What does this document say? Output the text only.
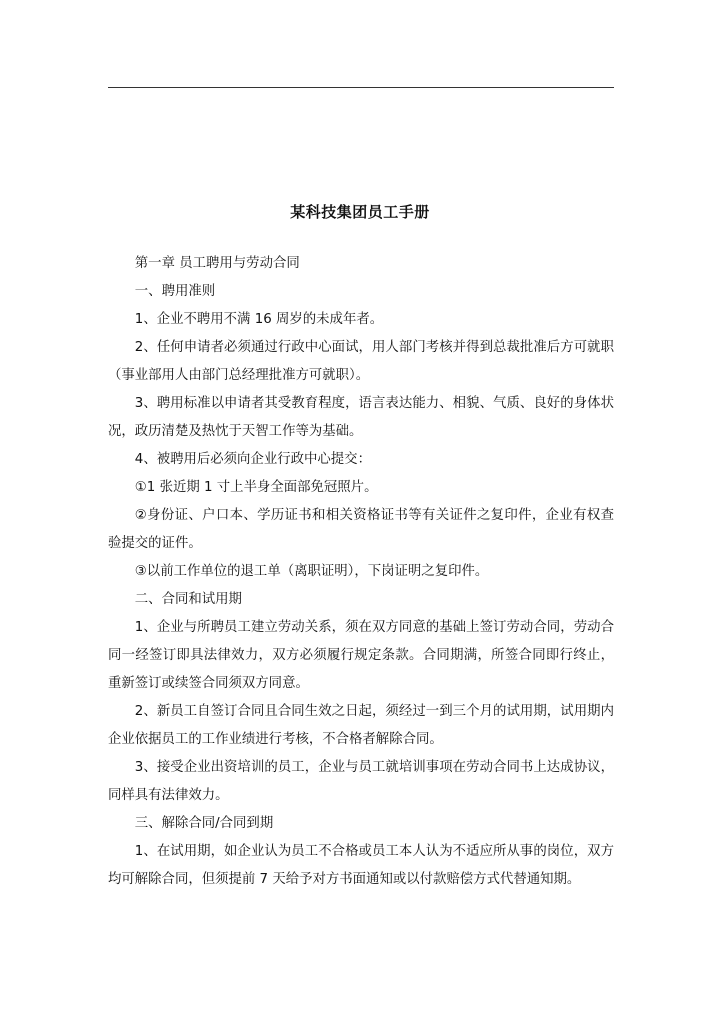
某科技集团员工手册

第一章 员工聘用与劳动合同

一、聘用准则

1、企业不聘用不满 16 周岁的未成年者。

2、任何申请者必须通过行政中心面试，用人部门考核并得到总裁批准后方可就职（事业部用人由部门总经理批准方可就职）。

3、聘用标准以申请者其受教育程度，语言表达能力、相貌、气质、良好的身体状况，政历清楚及热忱于天智工作等为基础。

4、被聘用后必须向企业行政中心提交：

①1 张近期 1 寸上半身全面部免冠照片。

②身份证、户口本、学历证书和相关资格证书等有关证件之复印件，企业有权查验提交的证件。

③以前工作单位的退工单（离职证明），下岗证明之复印件。

二、合同和试用期

1、企业与所聘员工建立劳动关系，须在双方同意的基础上签订劳动合同，劳动合同一经签订即具法律效力，双方必须履行规定条款。合同期满，所签合同即行终止，重新签订或续签合同须双方同意。

2、新员工自签订合同且合同生效之日起，须经过一到三个月的试用期，试用期内企业依据员工的工作业绩进行考核，不合格者解除合同。

3、接受企业出资培训的员工，企业与员工就培训事项在劳动合同书上达成协议，同样具有法律效力。

三、解除合同/合同到期

1、在试用期，如企业认为员工不合格或员工本人认为不适应所从事的岗位，双方均可解除合同，但须提前 7 天给予对方书面通知或以付款赔偿方式代替通知期。
